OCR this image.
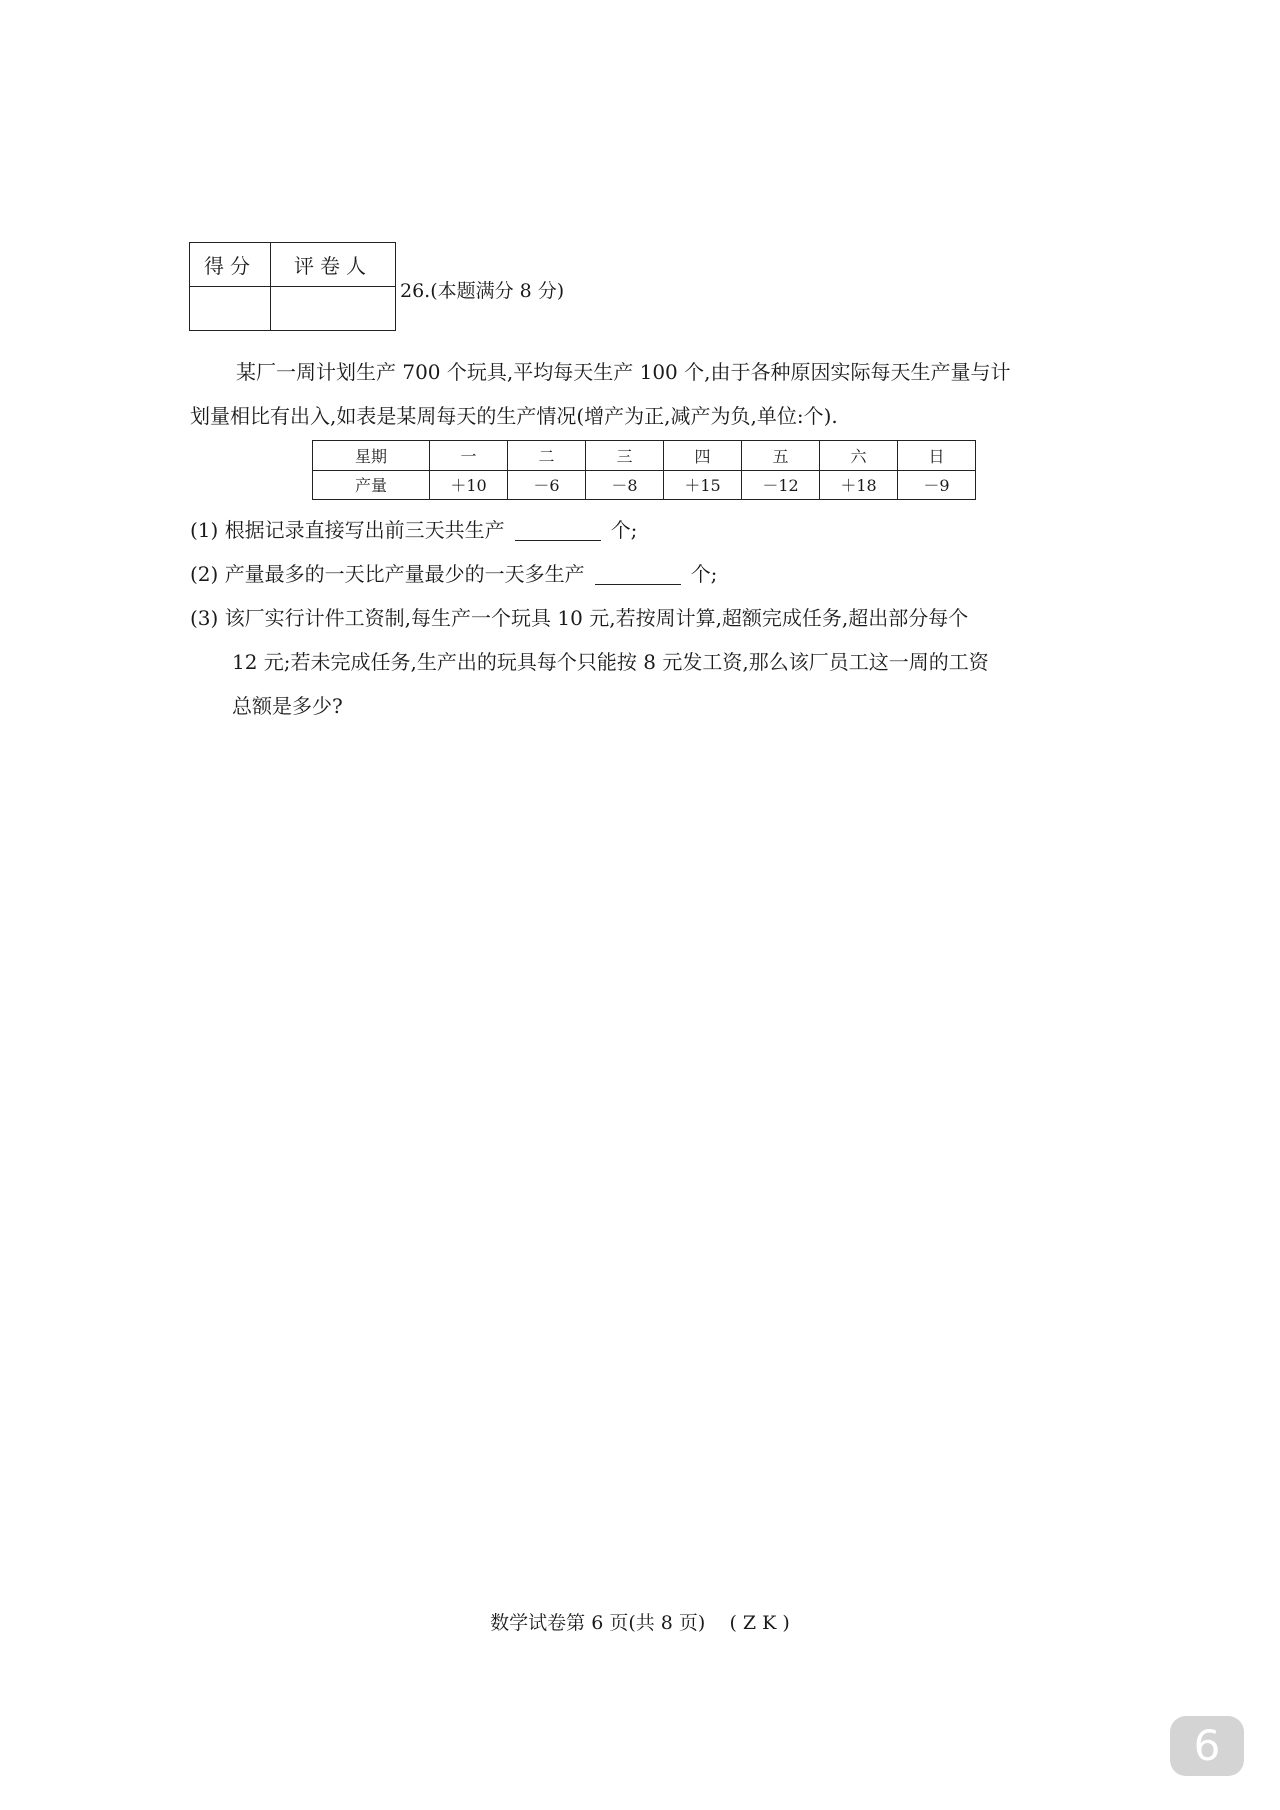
得分	评卷人

26.(本题满分 8 分)
某厂一周计划生产 700 个玩具,平均每天生产 100 个,由于各种原因实际每天生产量与计
划量相比有出入,如表是某周每天的生产情况(增产为正,减产为负,单位:个).
星期	一	二	三	四	五	六	日
产量	＋10	－6	－8	＋15	－12	＋18	－9
(1) 根据记录直接写出前三天共生产	个;
(2) 产量最多的一天比产量最少的一天多生产	个;
(3) 该厂实行计件工资制,每生产一个玩具 10 元,若按周计算,超额完成任务,超出部分每个
12 元;若未完成任务,生产出的玩具每个只能按 8 元发工资,那么该厂员工这一周的工资
总额是多少?
数学试卷第 6 页(共 8 页)    ( Z K )
6
